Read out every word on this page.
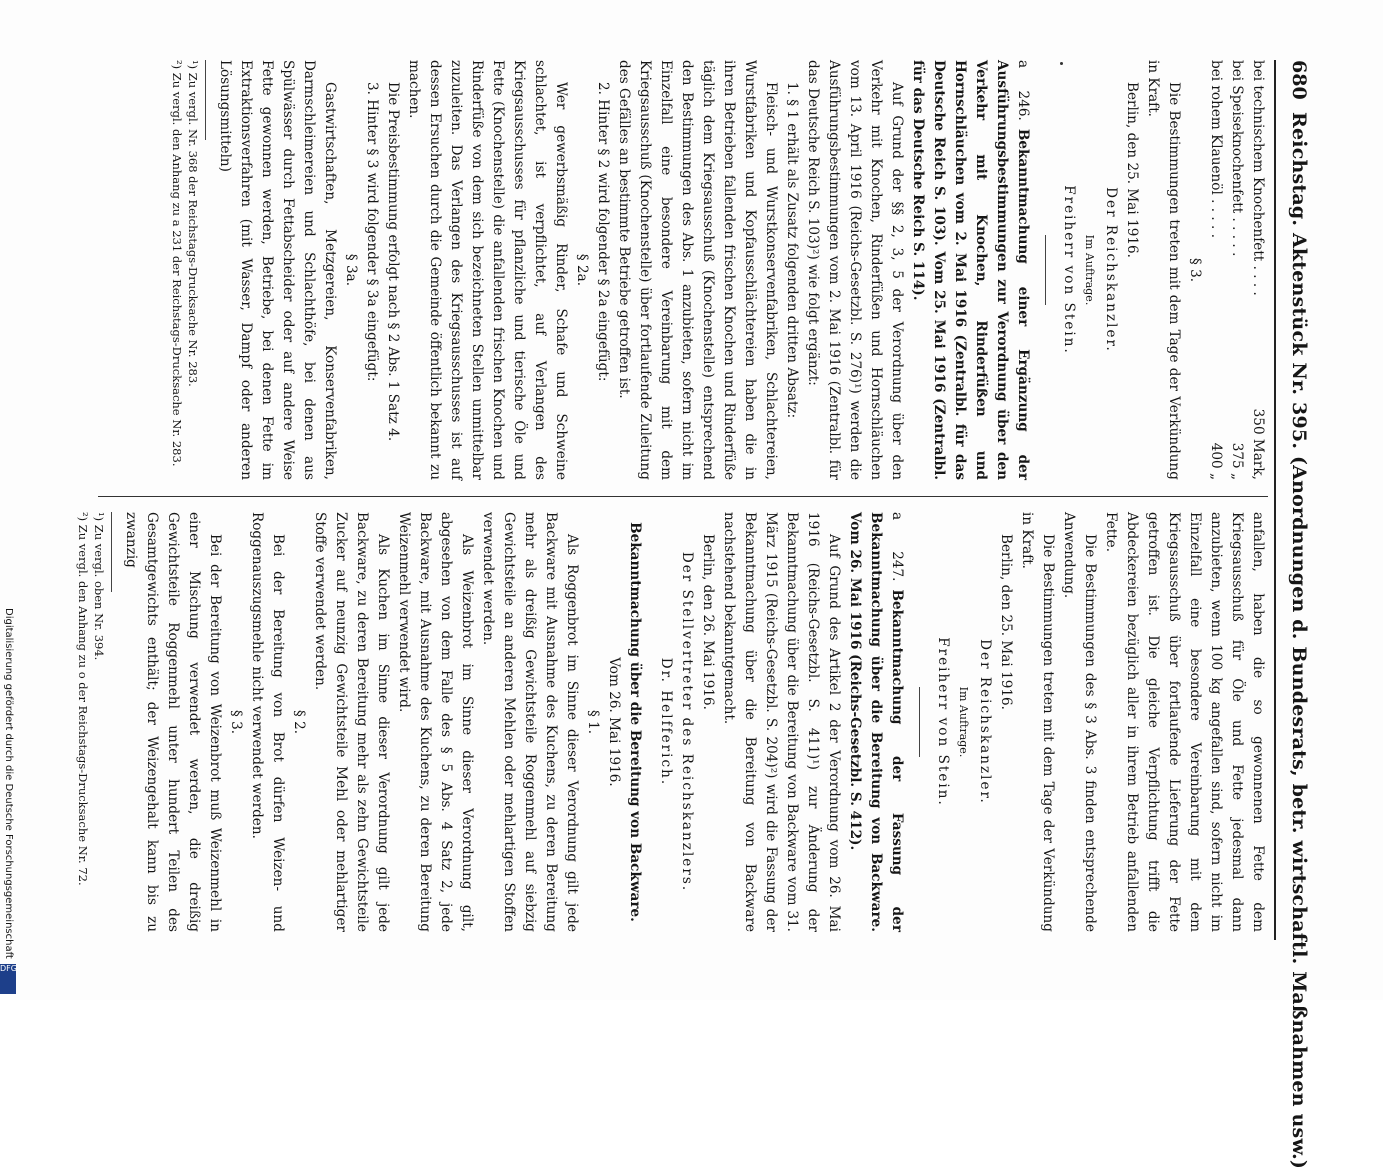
Digitalisierung gefördert durch die Deutsche Forschungsgemeinschaft
DFG
680
Reichstag. Aktenstück Nr. 395. (Anordnungen d. Bundesrats, betr. wirtschaftl. Maßnahmen usw.)
bei technischem Knochenfett . . . .
350 Mark,
bei Speiseknochenfett . . . . .
375 „
bei rohem Klauenöl . . . . .
400 „

§ 3.

Die Bestimmungen treten mit dem Tage der Verkündung in Kraft.

Berlin, den 25. Mai 1916.

Der Reichskanzler.

Im Auftrage.

Freiherr von Stein.

a 246.Bekanntmachung einer Ergänzung der Ausführungsbestimmungen zur Verordnung über den Verkehr mit Knochen, Rinderfüßen und Hornschläuchen vom 2. Mai 1916 (Zentralbl. für das Deutsche Reich S. 103). Vom 25. Mai 1916 (Zentralbl. für das Deutsche Reich S. 114).

Auf Grund der §§ 2, 3, 5 der Verordnung über den Verkehr mit Knochen, Rinderfüßen und Hornschläuchen vom 13. April 1916 (Reichs-Gesetzbl. S. 276)¹) werden die Ausführungsbestimmungen vom 2. Mai 1916 (Zentralbl. für das Deutsche Reich S. 103)²) wie folgt ergänzt:

1. § 1 erhält als Zusatz folgenden dritten Absatz:

Fleisch- und Wurstkonservenfabriken, Schlachtereien, Wurstfabriken und Kopfausschlächtereien haben die in ihren Betrieben fallenden frischen Knochen und Rinderfüße täglich dem Kriegsausschuß (Knochenstelle) entsprechend den Bestimmungen des Abs. 1 anzubieten, sofern nicht im Einzelfall eine besondere Vereinbarung mit dem Kriegsausschuß (Knochenstelle) über fortlaufende Zuleitung des Gefälles an bestimmte Betriebe getroffen ist.

2. Hinter § 2 wird folgender § 2a eingefügt:

§ 2a.

Wer gewerbsmäßig Rinder, Schafe und Schweine schlachtet, ist verpflichtet, auf Verlangen des Kriegsausschusses für pflanzliche und tierische Öle und Fette (Knochenstelle) die anfallenden frischen Knochen und Rinderfüße von dem sich bezeichneten Stellen unmittelbar zuzuleiten. Das Verlangen des Kriegsausschusses ist auf dessen Ersuchen durch die Gemeinde öffentlich bekannt zu machen.

Die Preisbestimmung erfolgt nach § 2 Abs. 1 Satz 4.

3. Hinter § 3 wird folgender § 3a eingefügt:

§ 3a.

Gastwirtschaften, Metzgereien, Konservenfabriken, Darmschleimereien und Schlachthöfe, bei denen aus Spülwässer durch Fettabscheider oder auf andere Weise Fette gewonnen werden, Betriebe, bei denen Fette im Extraktionsverfahren (mit Wasser, Dampf oder anderen Lösungsmitteln)

¹) Zu vergl. Nr. 368 der Reichstags-Drucksache Nr. 283.

²) Zu vergl. den Anhang zu a 231 der Reichstags-Drucksache Nr. 283.

anfallen, haben die so gewonnenen Fette dem Kriegsausschuß für Öle und Fette jedesmal dann anzubieten, wenn 100 kg angefallen sind, sofern nicht im Einzelfall eine besondere Vereinbarung mit dem Kriegsausschuß über fortlaufende Lieferung der Fette getroffen ist. Die gleiche Verpflichtung trifft die Abdeckereien bezüglich aller in ihrem Betrieb anfallenden Fette.

Die Bestimmungen des § 3 Abs. 3 finden entsprechende Anwendung.

Die Bestimmungen treten mit dem Tage der Verkündung in Kraft.

Berlin, den 25. Mai 1916.

Der Reichskanzler.

Im Auftrage.

Freiherr von Stein.

a 247.Bekanntmachung der Fassung der Bekanntmachung über die Bereitung von Backware. Vom 26. Mai 1916 (Reichs-Gesetzbl. S. 412).

Auf Grund des Artikel 2 der Verordnung vom 26. Mai 1916 (Reichs-Gesetzbl. S. 411)¹) zur Änderung der Bekanntmachung über die Bereitung von Backware vom 31. März 1915 (Reichs-Gesetzbl. S. 204)²) wird die Fassung der Bekanntmachung über die Bereitung von Backware nachstehend bekanntgemacht.

Berlin, den 26. Mai 1916.

Der Stellvertreter des Reichskanzlers.

Dr. Helfferich.

Bekanntmachung über die Bereitung von Backware.

Vom 26. Mai 1916.

§ 1.

Als Roggenbrot im Sinne dieser Verordnung gilt jede Backware mit Ausnahme des Kuchens, zu deren Bereitung mehr als dreißig Gewichtsteile Roggenmehl auf siebzig Gewichtsteile an anderen Mehlen oder mehlartigen Stoffen verwendet werden.

Als Weizenbrot im Sinne dieser Verordnung gilt, abgesehen von dem Falle des § 5 Abs. 4 Satz 2, jede Backware, mit Ausnahme des Kuchens, zu deren Bereitung Weizenmehl verwendet wird.

Als Kuchen im Sinne dieser Verordnung gilt jede Backware, zu deren Bereitung mehr als zehn Gewichtsteile Zucker auf neunzig Gewichtsteile Mehl oder mehlartiger Stoffe verwendet werden.

§ 2.

Bei der Bereitung von Brot dürfen Weizen- und Roggenauszugsmehle nicht verwendet werden.

§ 3.

Bei der Bereitung von Weizenbrot muß Weizenmehl in einer Mischung verwendet werden, die dreißig Gewichtsteile Roggenmehl unter hundert Teilen des Gesamtgewichts enthält; der Weizengehalt kann bis zu zwanzig

¹) Zu vergl. oben Nr. 394.

²) Zu vergl. den Anhang zu o der Reichstags-Drucksache Nr. 72.
